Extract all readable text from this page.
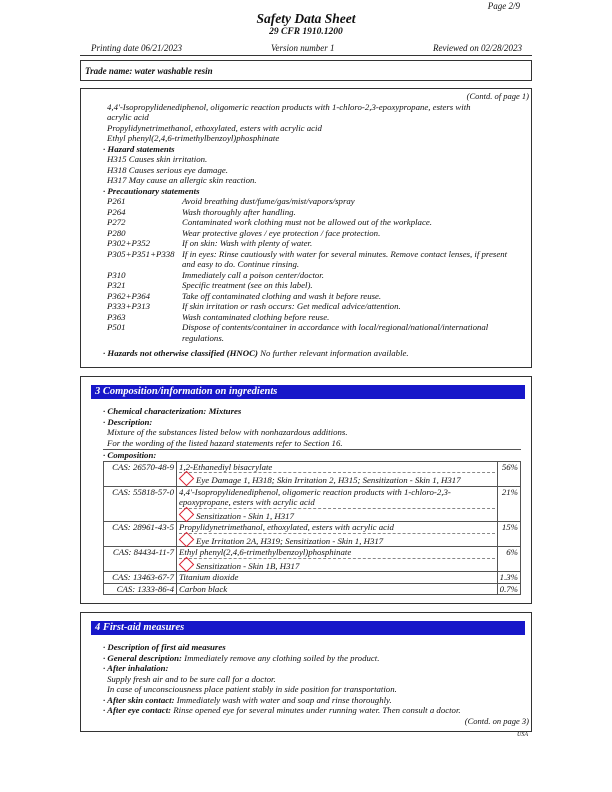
Page 2/9
Safety Data Sheet
29 CFR 1910.1200
Printing date 06/21/2023	Version number 1	Reviewed on 02/28/2023
Trade name: water washable resin
(Contd. of page 1)
4,4'-Isopropylidenediphenol, oligomeric reaction products with 1-chloro-2,3-epoxypropane, esters with
acrylic acid
Propylidynetrimethanol, ethoxylated, esters with acrylic acid
Ethyl phenyl(2,4,6-trimethylbenzoyl)phosphinate
· Hazard statements
H315 Causes skin irritation.
H318 Causes serious eye damage.
H317 May cause an allergic skin reaction.
· Precautionary statements
P261	Avoid breathing dust/fume/gas/mist/vapors/spray
P264	Wash thoroughly after handling.
P272	Contaminated work clothing must not be allowed out of the workplace.
P280	Wear protective gloves / eye protection / face protection.
P302+P352	If on skin: Wash with plenty of water.
P305+P351+P338 If in eyes: Rinse cautiously with water for several minutes. Remove contact lenses, if present and easy to do. Continue rinsing.
P310	Immediately call a poison center/doctor.
P321	Specific treatment (see on this label).
P362+P364	Take off contaminated clothing and wash it before reuse.
P333+P313	If skin irritation or rash occurs: Get medical advice/attention.
P363	Wash contaminated clothing before reuse.
P501	Dispose of contents/container in accordance with local/regional/national/international regulations.
· Hazards not otherwise classified (HNOC) No further relevant information available.
3 Composition/information on ingredients
· Chemical characterization: Mixtures
· Description:
Mixture of the substances listed below with nonhazardous additions.
For the wording of the listed hazard statements refer to Section 16.
· Composition:
CAS: 26570-48-9	1,2-Ethanediyl bisacrylate
Eye Damage 1, H318; Skin Irritation 2, H315; Sensitization - Skin 1, H317	56%
CAS: 55818-57-0	4,4'-Isopropylidenediphenol, oligomeric reaction products with 1-chloro-2,3-epoxypropane, esters with acrylic acid
Sensitization - Skin 1, H317	21%
CAS: 28961-43-5	Propylidynetrimethanol, ethoxylated, esters with acrylic acid
Eye Irritation 2A, H319; Sensitization - Skin 1, H317	15%
CAS: 84434-11-7	Ethyl phenyl(2,4,6-trimethylbenzoyl)phosphinate
Sensitization - Skin 1B, H317	6%
CAS: 13463-67-7	Titanium dioxide	1.3%
CAS: 1333-86-4	Carbon black	0.7%
4 First-aid measures
· Description of first aid measures
· General description: Immediately remove any clothing soiled by the product.
· After inhalation:
Supply fresh air and to be sure call for a doctor.
In case of unconsciousness place patient stably in side position for transportation.
· After skin contact: Immediately wash with water and soap and rinse thoroughly.
· After eye contact: Rinse opened eye for several minutes under running water. Then consult a doctor.
(Contd. on page 3)
USA
